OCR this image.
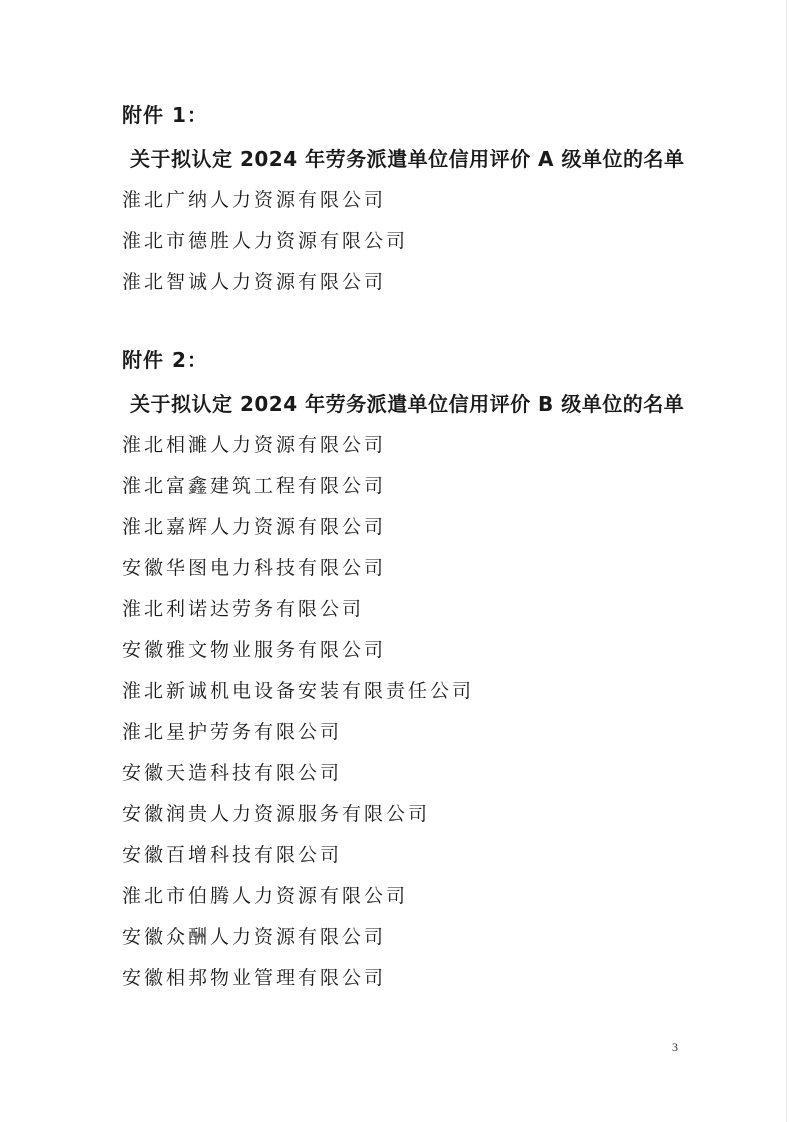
附件 1：
关于拟认定 2024 年劳务派遣单位信用评价 A 级单位的名单
淮北广纳人力资源有限公司
淮北市德胜人力资源有限公司
淮北智诚人力资源有限公司
附件 2：
关于拟认定 2024 年劳务派遣单位信用评价 B 级单位的名单
淮北相濉人力资源有限公司
淮北富鑫建筑工程有限公司
淮北嘉辉人力资源有限公司
安徽华图电力科技有限公司
淮北利诺达劳务有限公司
安徽雅文物业服务有限公司
淮北新诚机电设备安装有限责任公司
淮北星护劳务有限公司
安徽天造科技有限公司
安徽润贵人力资源服务有限公司
安徽百增科技有限公司
淮北市伯腾人力资源有限公司
安徽众酬人力资源有限公司
安徽相邦物业管理有限公司
3
